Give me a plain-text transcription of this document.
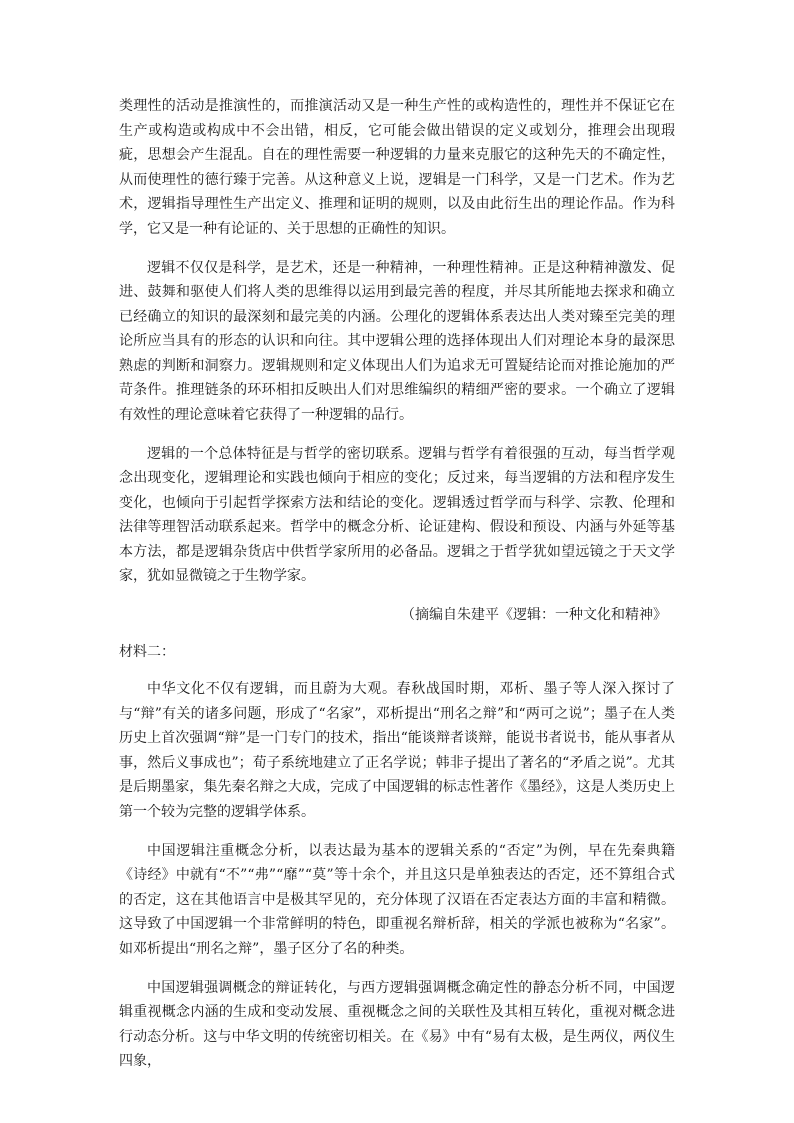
类理性的活动是推演性的，而推演活动又是一种生产性的或构造性的，理性并不保证它在生产或构造或构成中不会出错，相反，它可能会做出错误的定义或划分，推理会出现瑕疵，思想会产生混乱。自在的理性需要一种逻辑的力量来克服它的这种先天的不确定性，从而使理性的德行臻于完善。从这种意义上说，逻辑是一门科学，又是一门艺术。作为艺术，逻辑指导理性生产出定义、推理和证明的规则，以及由此衍生出的理论作品。作为科学，它又是一种有论证的、关于思想的正确性的知识。

逻辑不仅仅是科学，是艺术，还是一种精神，一种理性精神。正是这种精神激发、促进、鼓舞和驱使人们将人类的思维得以运用到最完善的程度，并尽其所能地去探求和确立已经确立的知识的最深刻和最完美的内涵。公理化的逻辑体系表达出人类对臻至完美的理论所应当具有的形态的认识和向往。其中逻辑公理的选择体现出人们对理论本身的最深思熟虑的判断和洞察力。逻辑规则和定义体现出人们为追求无可置疑结论而对推论施加的严苛条件。推理链条的环环相扣反映出人们对思维编织的精细严密的要求。一个确立了逻辑有效性的理论意味着它获得了一种逻辑的品行。

逻辑的一个总体特征是与哲学的密切联系。逻辑与哲学有着很强的互动，每当哲学观念出现变化，逻辑理论和实践也倾向于相应的变化；反过来，每当逻辑的方法和程序发生变化，也倾向于引起哲学探索方法和结论的变化。逻辑透过哲学而与科学、宗教、伦理和法律等理智活动联系起来。哲学中的概念分析、论证建构、假设和预设、内涵与外延等基本方法，都是逻辑杂货店中供哲学家所用的必备品。逻辑之于哲学犹如望远镜之于天文学家，犹如显微镜之于生物学家。

（摘编自朱建平《逻辑：一种文化和精神》

材料二：

中华文化不仅有逻辑，而且蔚为大观。春秋战国时期，邓析、墨子等人深入探讨了与“辩”有关的诸多问题，形成了“名家”，邓析提出“刑名之辩”和“两可之说”；墨子在人类历史上首次强调“辩”是一门专门的技术，指出“能谈辩者谈辩，能说书者说书，能从事者从事，然后义事成也”；荀子系统地建立了正名学说；韩非子提出了著名的“矛盾之说”。尤其是后期墨家，集先秦名辩之大成，完成了中国逻辑的标志性著作《墨经》，这是人类历史上第一个较为完整的逻辑学体系。

中国逻辑注重概念分析，以表达最为基本的逻辑关系的“否定”为例，早在先秦典籍《诗经》中就有“不”“弗”“靡”“莫”等十余个，并且这只是单独表达的否定，还不算组合式的否定，这在其他语言中是极其罕见的，充分体现了汉语在否定表达方面的丰富和精微。这导致了中国逻辑一个非常鲜明的特色，即重视名辩析辞，相关的学派也被称为“名家”。如邓析提出“刑名之辩”，墨子区分了名的种类。

中国逻辑强调概念的辩证转化，与西方逻辑强调概念确定性的静态分析不同，中国逻辑重视概念内涵的生成和变动发展、重视概念之间的关联性及其相互转化，重视对概念进行动态分析。这与中华文明的传统密切相关。在《易》中有“易有太极，是生两仪，两仪生四象，
